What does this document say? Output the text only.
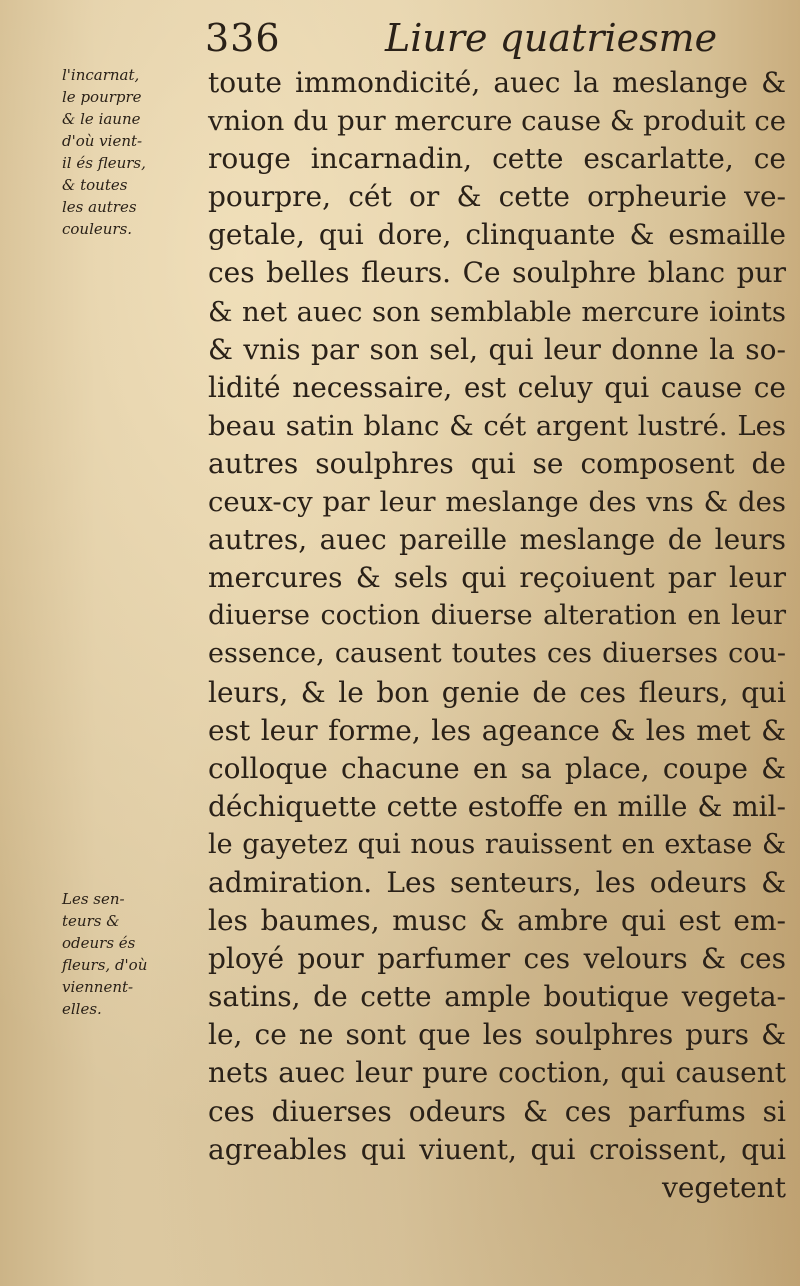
336	Liure quatriesme
l'incarnat,
le pourpre
& le iaune
d'où vient-
il és fleurs,
& toutes
les autres
couleurs.
Les sen-
teurs &
odeurs és
fleurs, d'où
viennent-
elles.
toute immondicité, auec la meslange &
vnion du pur mercure cause & produit ce
rouge incarnadin, cette escarlatte, ce
pourpre, cét or & cette orpheurie ve-
getale, qui dore, clinquante & esmaille
ces belles fleurs. Ce soulphre blanc pur
& net auec son semblable mercure ioints
& vnis par son sel, qui leur donne la so-
lidité necessaire, est celuy qui cause ce
beau satin blanc & cét argent lustré. Les
autres soulphres qui se composent de
ceux-cy par leur meslange des vns & des
autres, auec pareille meslange de leurs
mercures & sels qui reçoiuent par leur
diuerse coction diuerse alteration en leur
essence, causent toutes ces diuerses cou-
leurs, & le bon genie de ces fleurs, qui
est leur forme, les ageance & les met &
colloque chacune en sa place, coupe &
déchiquette cette estoffe en mille & mil-
le gayetez qui nous rauissent en extase &
admiration. Les senteurs, les odeurs &
les baumes, musc & ambre qui est em-
ployé pour parfumer ces velours & ces
satins, de cette ample boutique vegeta-
le, ce ne sont que les soulphres purs &
nets auec leur pure coction, qui causent
ces diuerses odeurs & ces parfums si
agreables qui viuent, qui croissent, qui
vegetent
